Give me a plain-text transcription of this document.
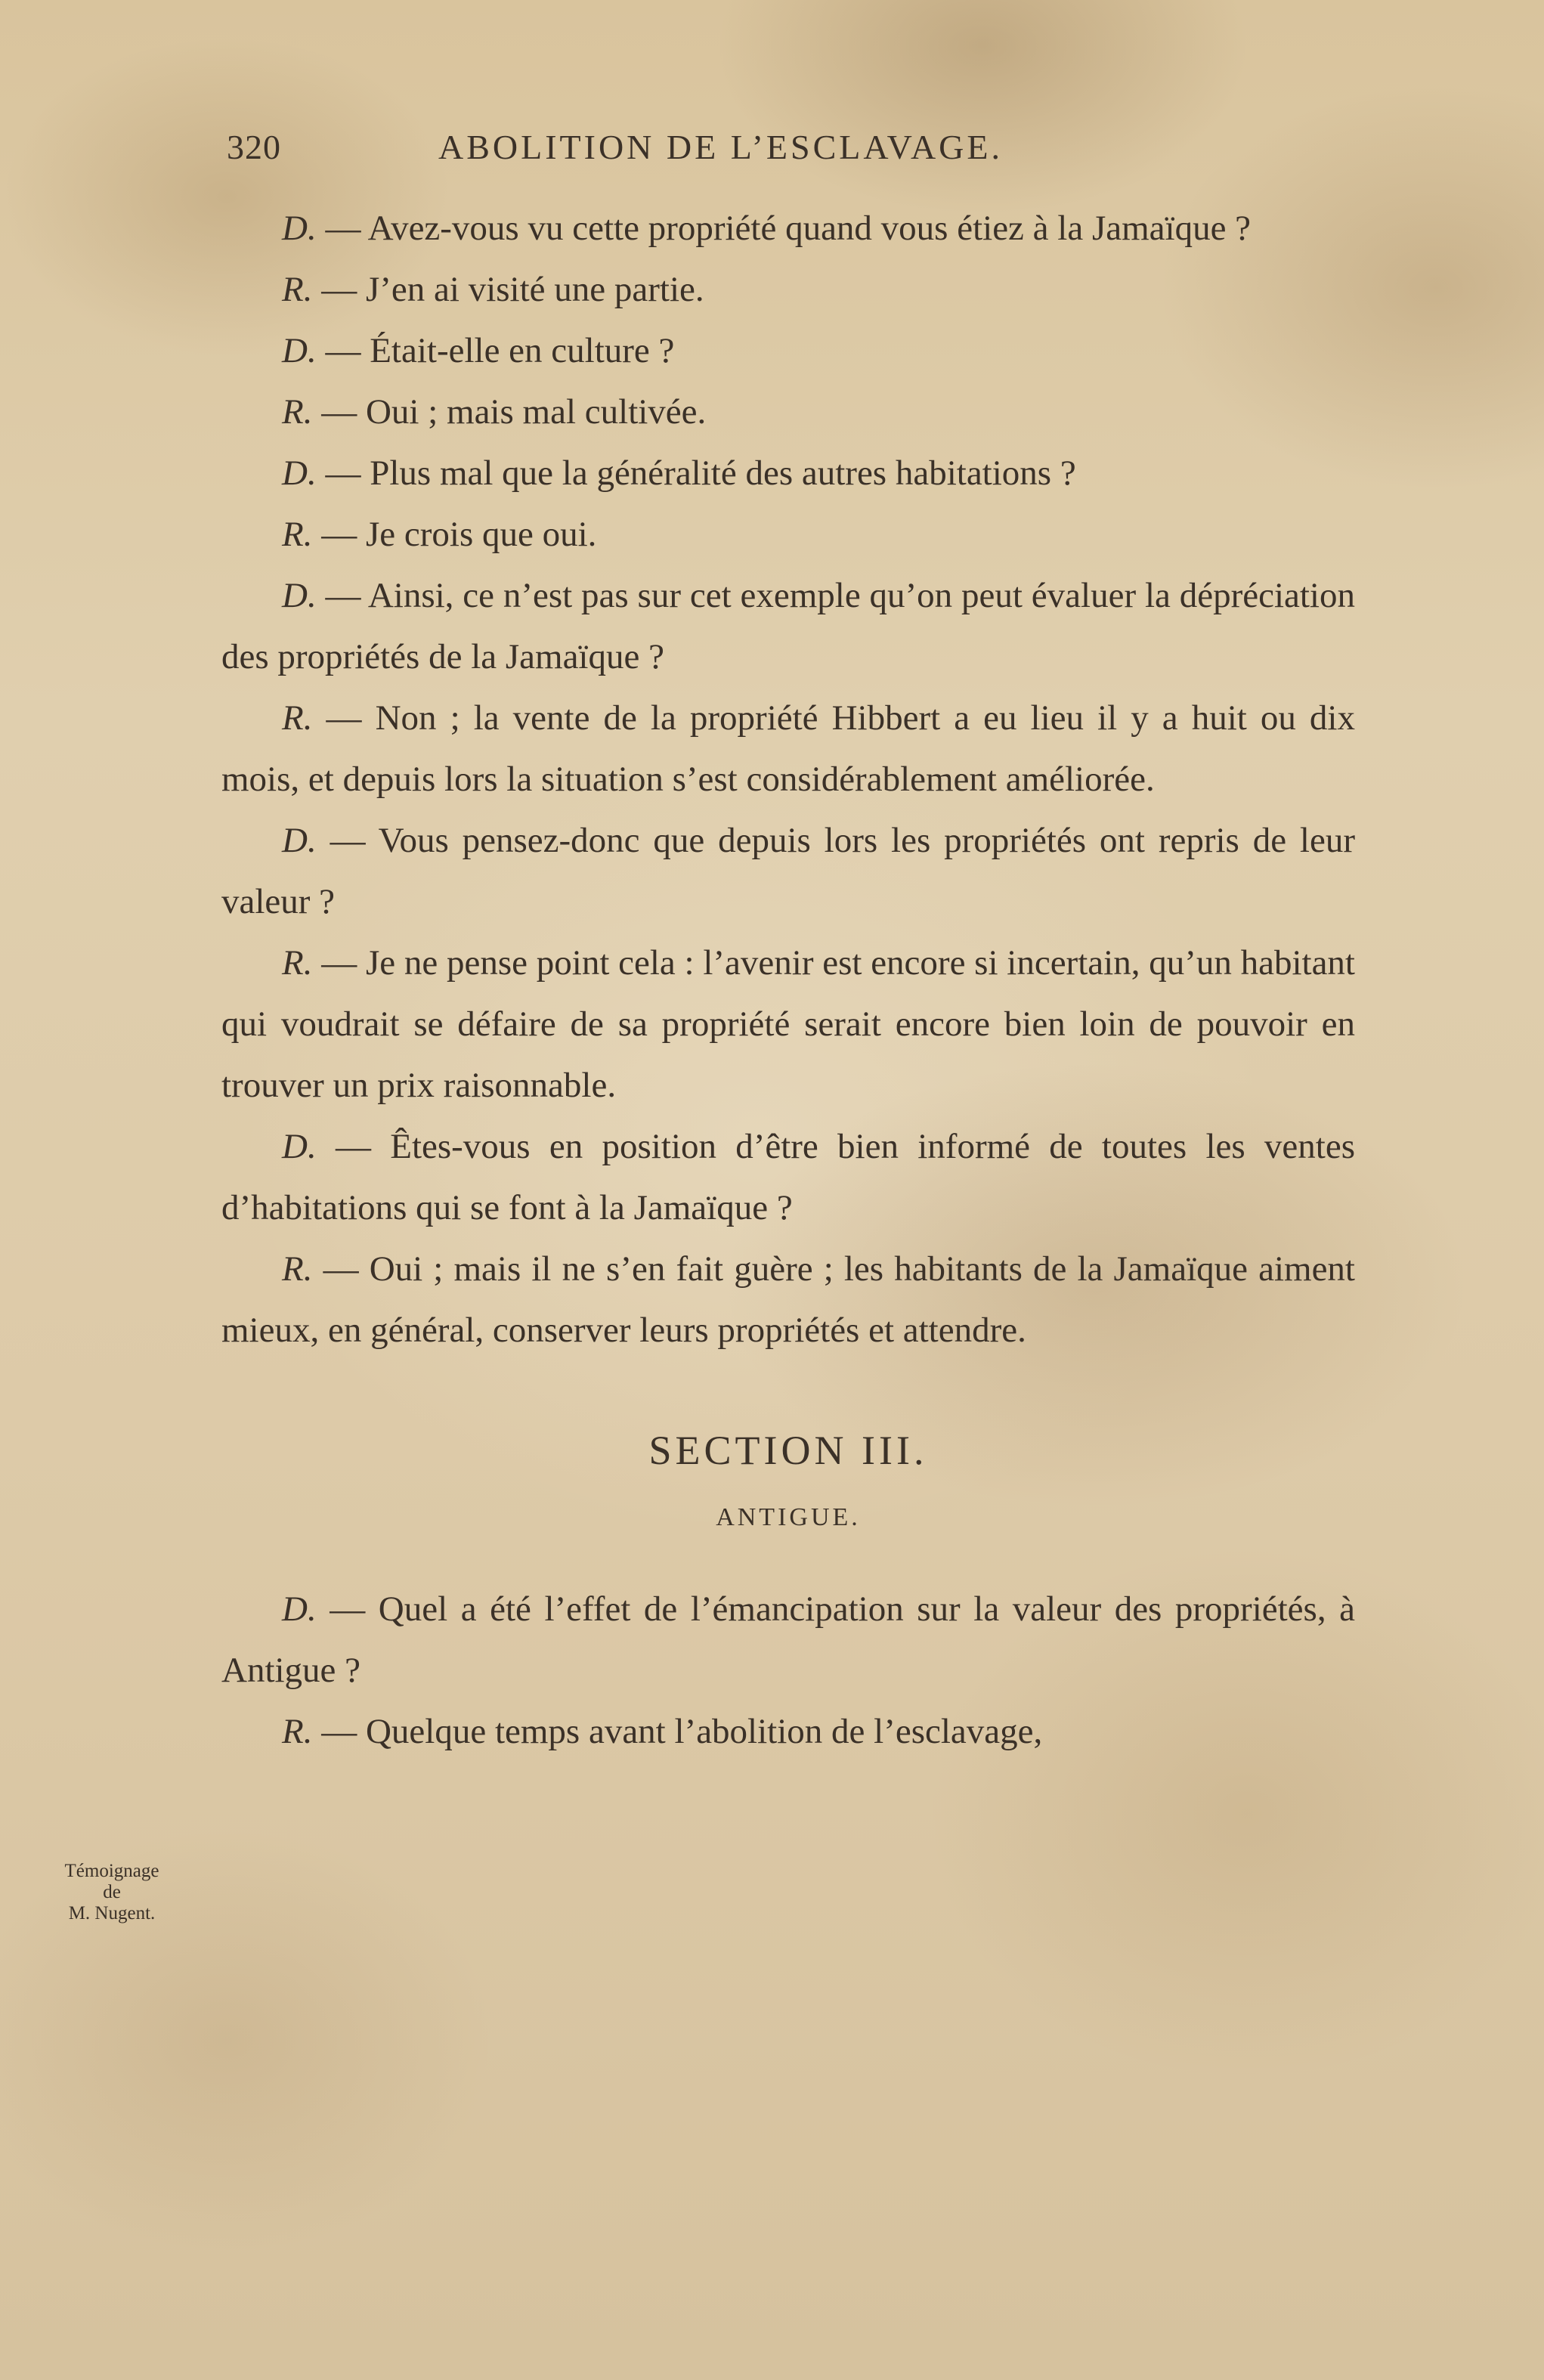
320	ABOLITION DE L’ESCLAVAGE.

D. — Avez-vous vu cette propriété quand vous étiez à la Jamaïque ?

R. — J’en ai visité une partie.

D. — Était-elle en culture ?

R. — Oui ; mais mal cultivée.

D. — Plus mal que la généralité des autres habitations ?

R. — Je crois que oui.

D. — Ainsi, ce n’est pas sur cet exemple qu’on peut évaluer la dépréciation des propriétés de la Jamaïque ?

R. — Non ; la vente de la propriété Hibbert a eu lieu il y a huit ou dix mois, et depuis lors la situation s’est considérablement améliorée.

D. — Vous pensez-donc que depuis lors les propriétés ont repris de leur valeur ?

R. — Je ne pense point cela : l’avenir est encore si incertain, qu’un habitant qui voudrait se défaire de sa propriété serait encore bien loin de pouvoir en trouver un prix raisonnable.

D. — Êtes-vous en position d’être bien informé de toutes les ventes d’habitations qui se font à la Jamaïque ?

R. — Oui ; mais il ne s’en fait guère ; les habitants de la Jamaïque aiment mieux, en général, conserver leurs propriétés et attendre.

SECTION III.
ANTIGUE.

D. — Quel a été l’effet de l’émancipation sur la valeur des propriétés, à Antigue ?

R. — Quelque temps avant l’abolition de l’esclavage,

Témoignage
de
M. Nugent.
